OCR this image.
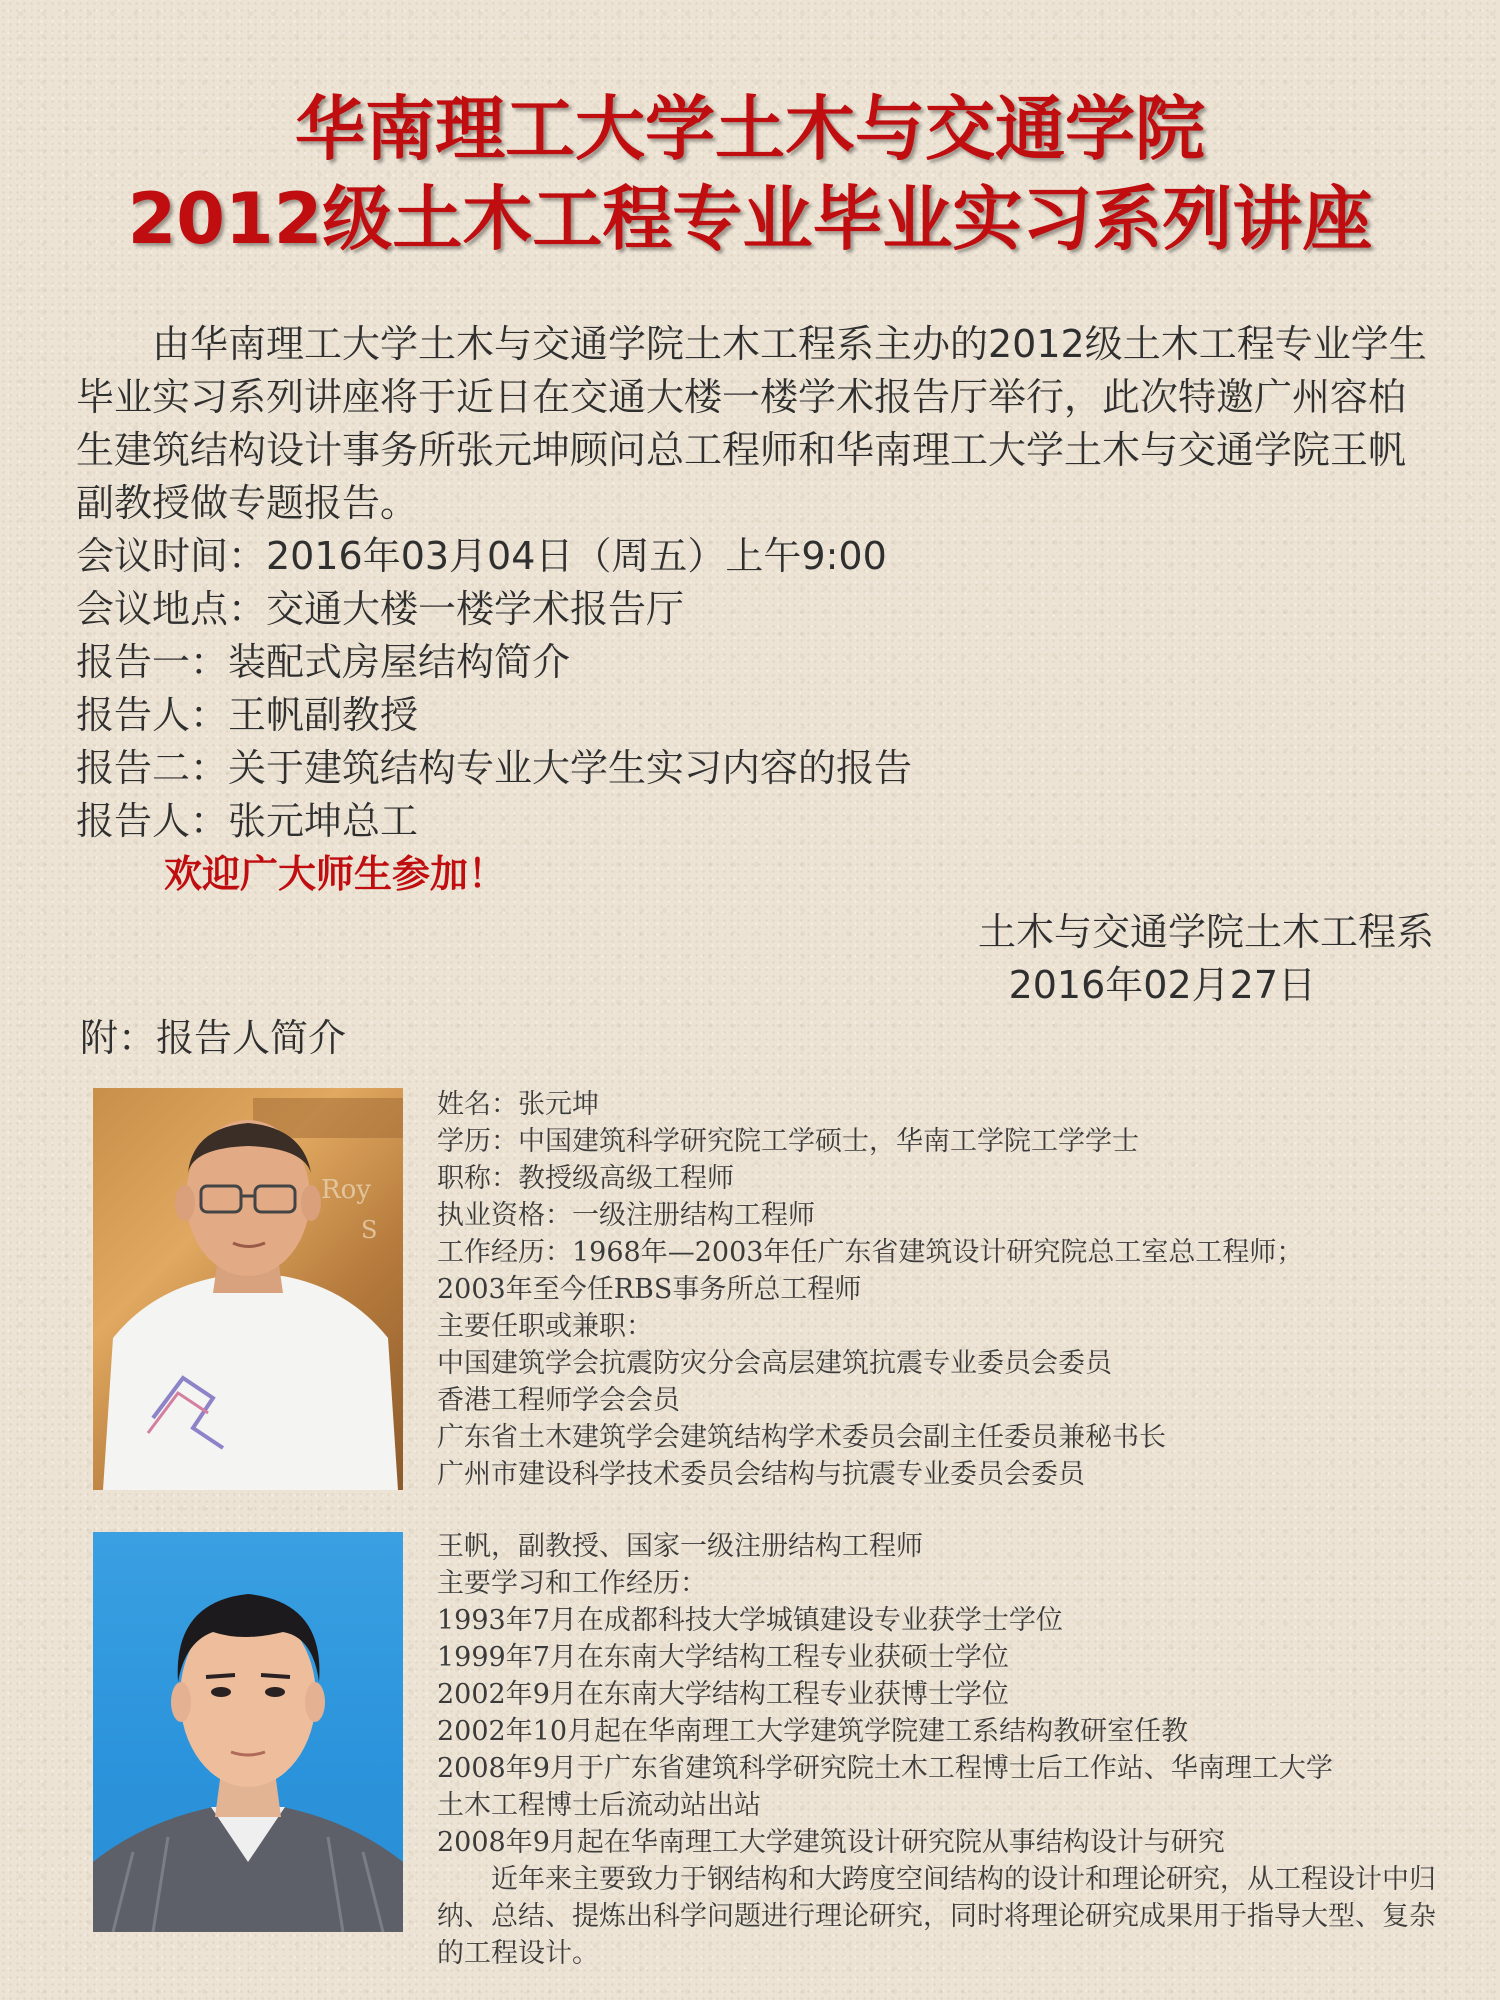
华南理工大学土木与交通学院
2012级土木工程专业毕业实习系列讲座

由华南理工大学土木与交通学院土木工程系主办的2012级土木工程专业学生毕业实习系列讲座将于近日在交通大楼一楼学术报告厅举行，此次特邀广州容柏生建筑结构设计事务所张元坤顾问总工程师和华南理工大学土木与交通学院王帆副教授做专题报告。

会议时间：2016年03月04日（周五）上午9:00

会议地点：交通大楼一楼学术报告厅

报告一：装配式房屋结构简介

报告人：王帆副教授

报告二：关于建筑结构专业大学生实习内容的报告

报告人：张元坤总工

欢迎广大师生参加！

土木与交通学院土木工程系
2016年02月27日
附：报告人简介
Roy
S

姓名：张元坤

学历：中国建筑科学研究院工学硕士，华南工学院工学学士

职称：教授级高级工程师

执业资格：一级注册结构工程师

工作经历：1968年—2003年任广东省建筑设计研究院总工室总工程师；

2003年至今任RBS事务所总工程师

主要任职或兼职：

中国建筑学会抗震防灾分会高层建筑抗震专业委员会委员

香港工程师学会会员

广东省土木建筑学会建筑结构学术委员会副主任委员兼秘书长

广州市建设科学技术委员会结构与抗震专业委员会委员

王帆，副教授、国家一级注册结构工程师

主要学习和工作经历：

1993年7月在成都科技大学城镇建设专业获学士学位

1999年7月在东南大学结构工程专业获硕士学位

2002年9月在东南大学结构工程专业获博士学位

2002年10月起在华南理工大学建筑学院建工系结构教研室任教

2008年9月于广东省建筑科学研究院土木工程博士后工作站、华南理工大学

土木工程博士后流动站出站

2008年9月起在华南理工大学建筑设计研究院从事结构设计与研究

近年来主要致力于钢结构和大跨度空间结构的设计和理论研究，从工程设计中归纳、总结、提炼出科学问题进行理论研究，同时将理论研究成果用于指导大型、复杂的工程设计。
